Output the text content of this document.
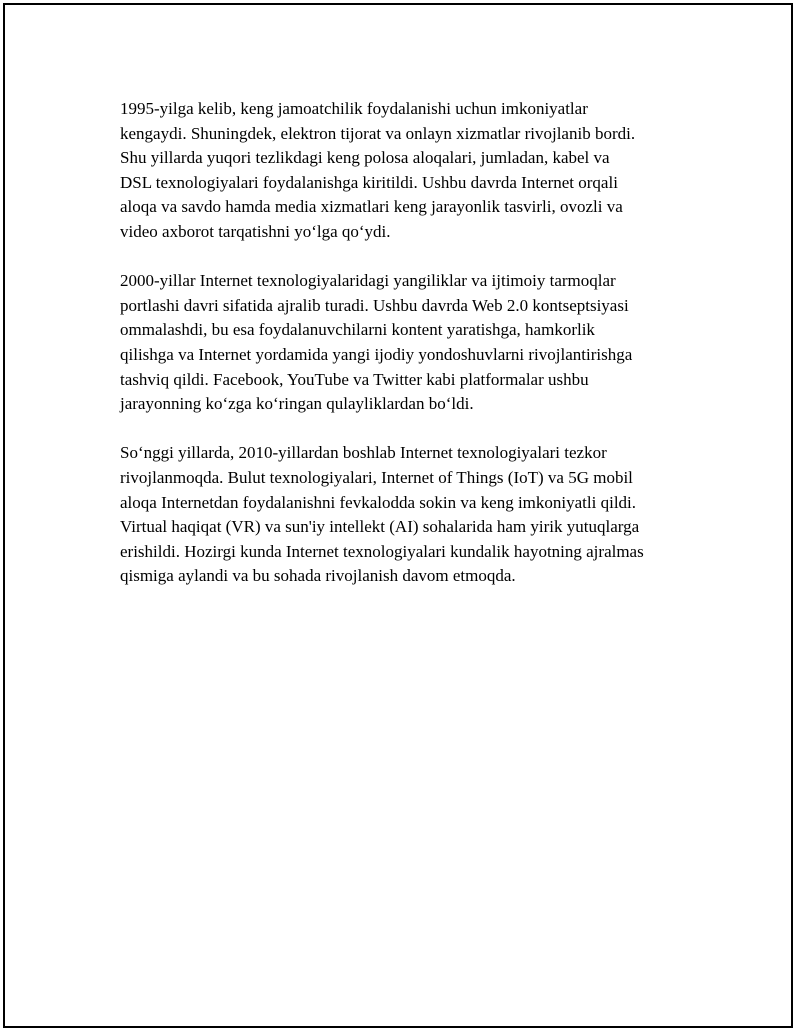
1995-yilga kelib, keng jamoatchilik foydalanishi uchun imkoniyatlar
kengaydi. Shuningdek, elektron tijorat va onlayn xizmatlar rivojlanib bordi.
Shu yillarda yuqori tezlikdagi keng polosa aloqalari, jumladan, kabel va
DSL texnologiyalari foydalanishga kiritildi. Ushbu davrda Internet orqali
aloqa va savdo hamda media xizmatlari keng jarayonlik tasvirli, ovozli va
video axborot tarqatishni yo‘lga qo‘ydi.

2000-yillar Internet texnologiyalaridagi yangiliklar va ijtimoiy tarmoqlar
portlashi davri sifatida ajralib turadi. Ushbu davrda Web 2.0 kontseptsiyasi
ommalashdi, bu esa foydalanuvchilarni kontent yaratishga, hamkorlik
qilishga va Internet yordamida yangi ijodiy yondoshuvlarni rivojlantirishga
tashviq qildi. Facebook, YouTube va Twitter kabi platformalar ushbu
jarayonning ko‘zga ko‘ringan qulayliklardan bo‘ldi.

So‘nggi yillarda, 2010-yillardan boshlab Internet texnologiyalari tezkor
rivojlanmoqda. Bulut texnologiyalari, Internet of Things (IoT) va 5G mobil
aloqa Internetdan foydalanishni fevkalodda sokin va keng imkoniyatli qildi.
Virtual haqiqat (VR) va sun'iy intellekt (AI) sohalarida ham yirik yutuqlarga
erishildi. Hozirgi kunda Internet texnologiyalari kundalik hayotning ajralmas
qismiga aylandi va bu sohada rivojlanish davom etmoqda.
